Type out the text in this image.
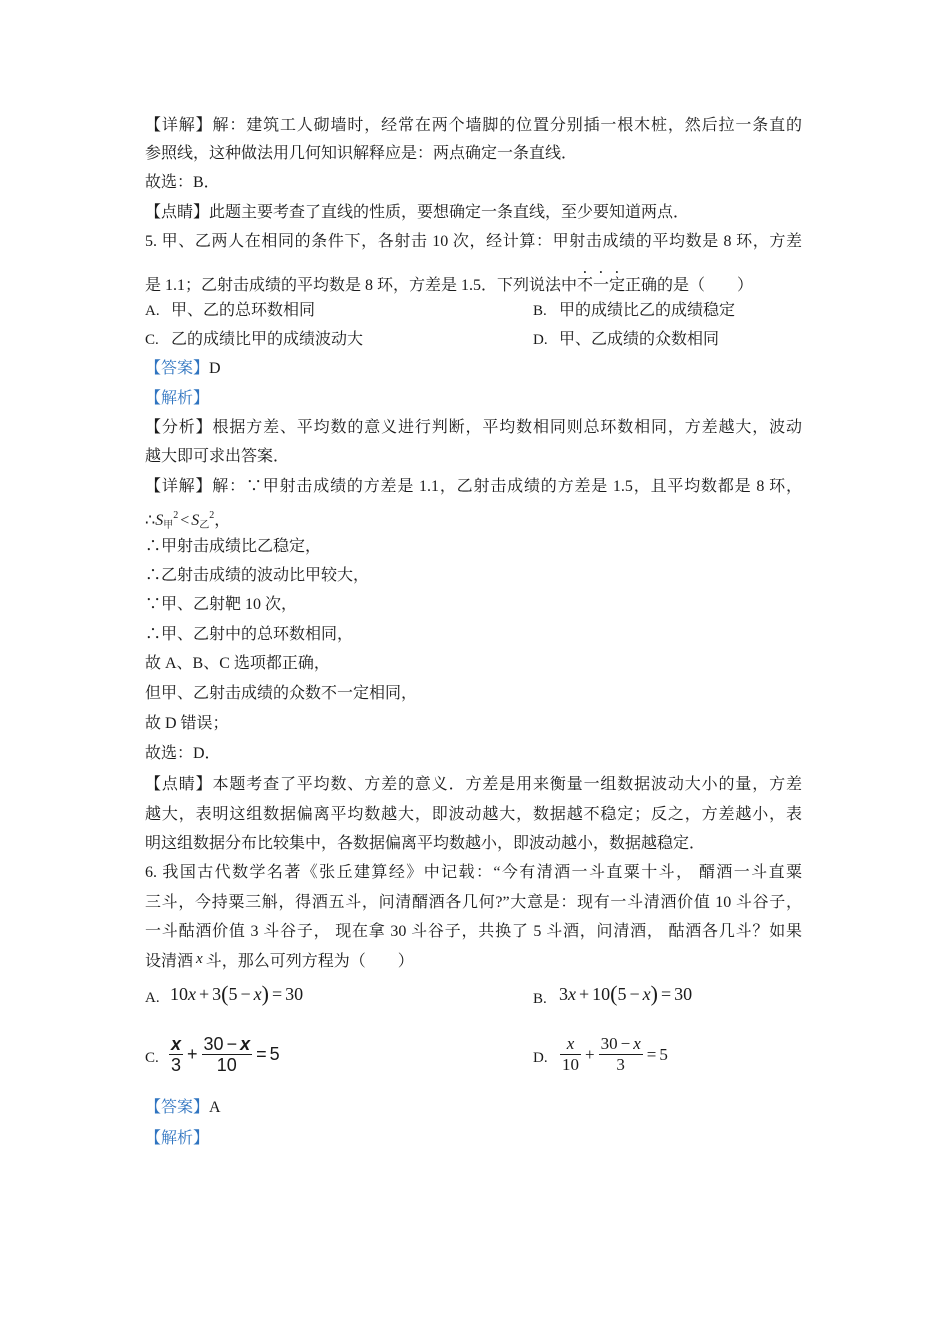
【详解】解：建筑工人砌墙时，经常在两个墙脚的位置分别插一根木桩，然后拉一条直的
参照线，这种做法用几何知识解释应是：两点确定一条直线．
故选：B．
【点睛】此题主要考查了直线的性质，要想确定一条直线，至少要知道两点．
5. 甲、乙两人在相同的条件下，各射击 10 次，经计算：甲射击成绩的平均数是 8 环，方差
是 1.1；乙射击成绩的平均数是 8 环，方差是 1.5．下列说法中不一定正确的是（　　）
A. 甲、乙的总环数相同	B. 甲的成绩比乙的成绩稳定
C. 乙的成绩比甲的成绩波动大	D. 甲、乙成绩的众数相同
【答案】D
【解析】
【分析】根据方差、平均数的意义进行判断，平均数相同则总环数相同，方差越大，波动
越大即可求出答案．
【详解】解：∵甲射击成绩的方差是 1.1，乙射击成绩的方差是 1.5，且平均数都是 8 环，
$\therefore S_甲^2 < S_乙^2$，
∴甲射击成绩比乙稳定，
∴乙射击成绩的波动比甲较大，
∵甲、乙射靶 10 次，
∴甲、乙射中的总环数相同，
故 A、B、C 选项都正确，
但甲、乙射击成绩的众数不一定相同，
故 D 错误；
故选：D．
【点睛】本题考查了平均数、方差的意义．方差是用来衡量一组数据波动大小的量，方差
越大，表明这组数据偏离平均数越大，即波动越大，数据越不稳定；反之，方差越小，表
明这组数据分布比较集中，各数据偏离平均数越小，即波动越小，数据越稳定．
6. 我国古代数学名著《张丘建算经》中记载：“今有清酒一斗直粟十斗， 醑酒一斗直粟
三斗，今持粟三斛，得酒五斗，问清醑酒各几何?”大意是：现有一斗清酒价值 10 斗谷子，
一斗酤酒价值 3 斗谷子， 现在拿 30 斗谷子，共换了 5 斗酒，问清酒， 酤酒各几斗？如果
设清酒 x 斗，那么可列方程为（　　）
A. 10x + 3(5 − x) = 30	B. 3x + 10(5 − x) = 30
C. $\frac{x}{3} + \frac{30 - x}{10} = 5$	D. $\frac{x}{10} + \frac{30 - x}{3} = 5$
【答案】A
【解析】
